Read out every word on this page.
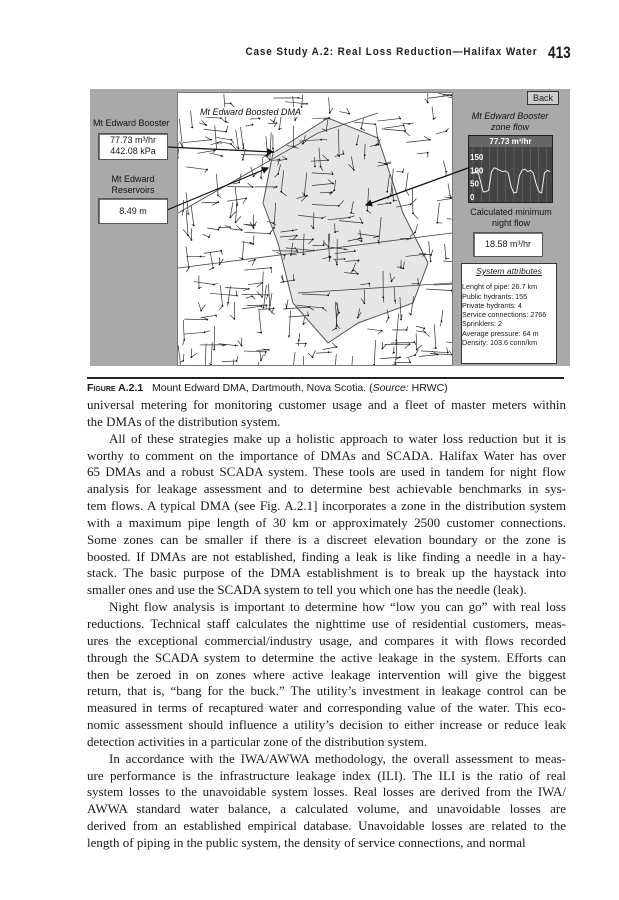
Case Study A.2: Real Loss Reduction—Halifax Water 413
Mt Edward Boosted DMA
Back
Mt Edward Booster
77.73 m³/hr
442.08 kPa
Mt Edward
Reservoirs
8.49 m
Mt Edward Booster
zone flow
77.73 m³/hr
150
100
50
0
Calculated minimum
night flow
18.58 m³/hr
System attributes
Lenght of pipe: 26.7 km
Public hydrants: 155
Private hydrants: 4
Service connections: 2766
Sprinklers: 2
Average pressure: 64 m
Density: 103.6 conn/km
Figure A.2.1 Mount Edward DMA, Dartmouth, Nova Scotia. (Source: HRWC)
universal metering for monitoring customer usage and a fleet of master meters within
the DMAs of the distribution system.
All of these strategies make up a holistic approach to water loss reduction but it is
worthy to comment on the importance of DMAs and SCADA. Halifax Water has over
65 DMAs and a robust SCADA system. These tools are used in tandem for night flow
analysis for leakage assessment and to determine best achievable benchmarks in sys-
tem flows. A typical DMA (see Fig. A.2.1] incorporates a zone in the distribution system
with a maximum pipe length of 30 km or approximately 2500 customer connections.
Some zones can be smaller if there is a discreet elevation boundary or the zone is
boosted. If DMAs are not established, finding a leak is like finding a needle in a hay-
stack. The basic purpose of the DMA establishment is to break up the haystack into
smaller ones and use the SCADA system to tell you which one has the needle (leak).
Night flow analysis is important to determine how “low you can go” with real loss
reductions. Technical staff calculates the nighttime use of residential customers, meas-
ures the exceptional commercial/industry usage, and compares it with flows recorded
through the SCADA system to determine the active leakage in the system. Efforts can
then be zeroed in on zones where active leakage intervention will give the biggest
return, that is, “bang for the buck.” The utility’s investment in leakage control can be
measured in terms of recaptured water and corresponding value of the water. This eco-
nomic assessment should influence a utility’s decision to either increase or reduce leak
detection activities in a particular zone of the distribution system.
In accordance with the IWA/AWWA methodology, the overall assessment to meas-
ure performance is the infrastructure leakage index (ILI). The ILI is the ratio of real
system losses to the unavoidable system losses. Real losses are derived from the IWA/
AWWA standard water balance, a calculated volume, and unavoidable losses are
derived from an established empirical database. Unavoidable losses are related to the
length of piping in the public system, the density of service connections, and normal
